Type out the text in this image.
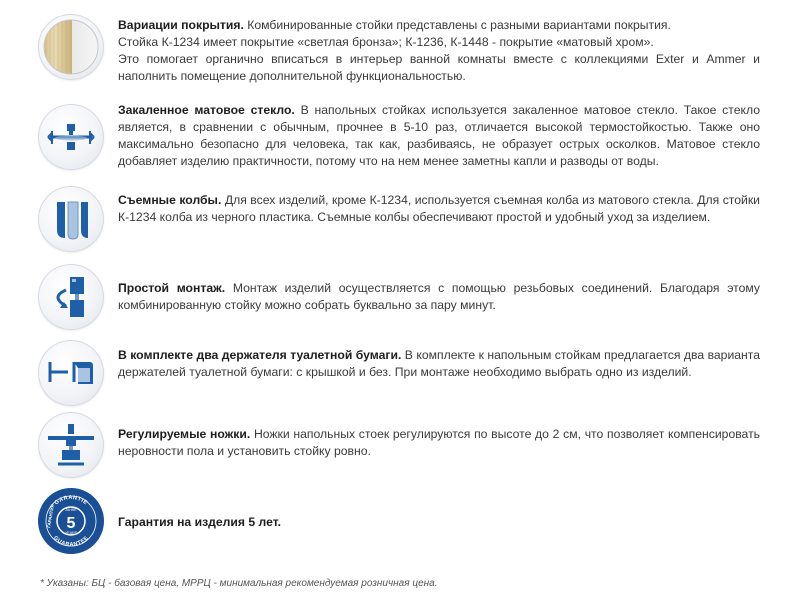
Вариации покрытия. Комбинированные стойки представлены с разными вариантами покрытия.

Стойка К-1234 имеет покрытие «светлая бронза»; К-1236, К-1448 - покрытие «матовый хром».

Это помогает органично вписаться в интерьер ванной комнаты вместе с коллекциями Exter и Ammer и наполнить помещение дополнительной функциональностью.

Закаленное матовое стекло. В напольных стойках используется закаленное матовое стекло. Такое стекло является, в сравнении с обычным, прочнее в 5-10 раз, отличается высокой термостойкостью. Также оно максимально безопасно для человека, так как, разбиваясь, не образует острых осколков. Матовое стекло добавляет изделию практичности, потому что на нем менее заметны капли и разводы от воды.

Съемные колбы. Для всех изделий, кроме К-1234, используется съемная колба из матового стекла. Для стойки К-1234 колба из черного пластика. Съемные колбы обеспечивают простой и удобный уход за изделием.

Простой монтаж. Монтаж изделий осуществляется с помощью резьбовых соединений. Благодаря этому комбинированную стойку можно собрать буквально за пару минут.

В комплекте два держателя туалетной бумаги. В комплекте к напольным стойкам предлагается два варианта держателей туалетной бумаги: с крышкой и без. При монтаже необходимо выбрать одно из изделий.

Регулируемые ножки. Ножки напольных стоек регулируются по высоте до 2 см, что позволяет компенсировать неровности пола и установить стойку ровно.

GARANTIE
GUARANTEE
JAHRE
5
YEARS
ГАРАНТИЯ	Гарантия на изделия 5 лет.

* Указаны: БЦ - базовая цена, МРРЦ - минимальная рекомендуемая розничная цена.
